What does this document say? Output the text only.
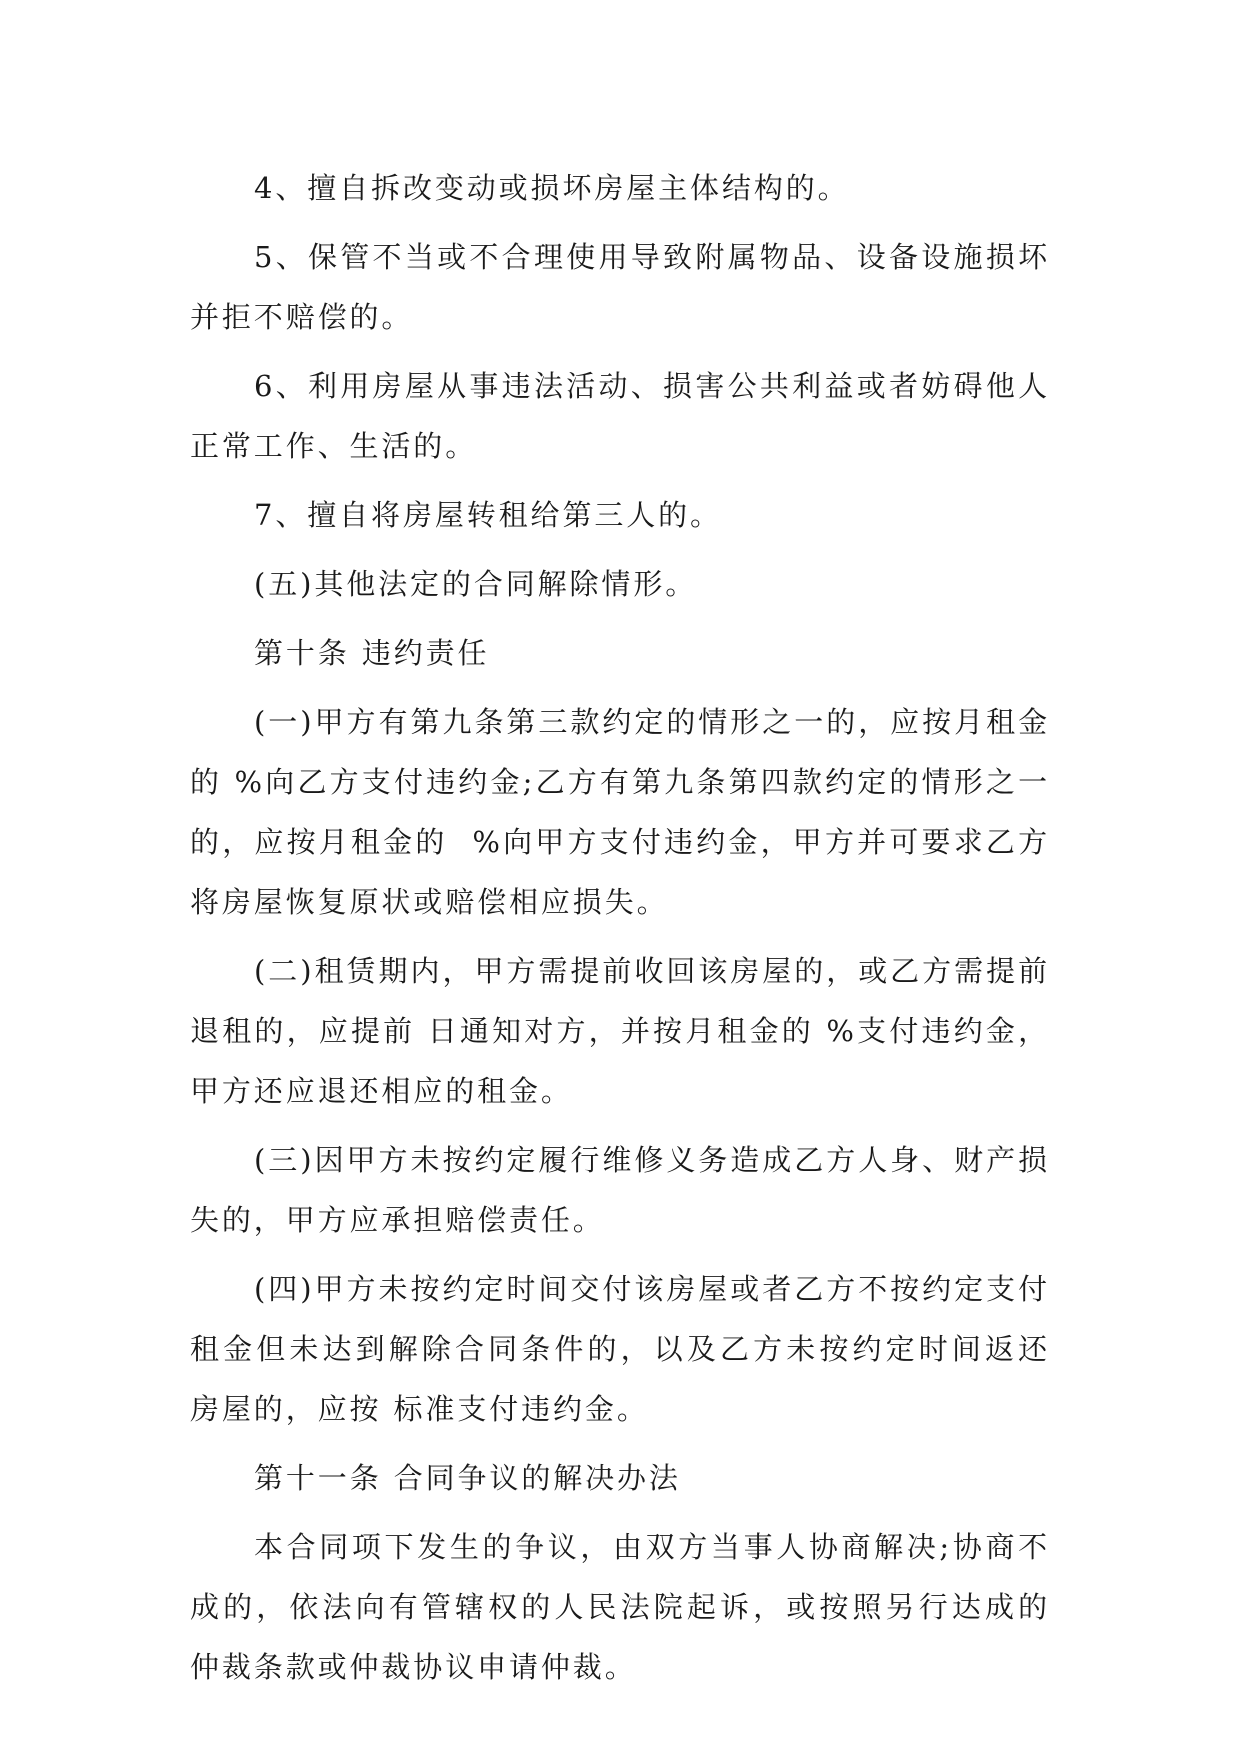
4、擅自拆改变动或损坏房屋主体结构的。

5、保管不当或不合理使用导致附属物品、设备设施损坏并拒不赔偿的。

6、利用房屋从事违法活动、损害公共利益或者妨碍他人正常工作、生活的。

7、擅自将房屋转租给第三人的。

(五)其他法定的合同解除情形。

第十条 违约责任

(一)甲方有第九条第三款约定的情形之一的，应按月租金的 %向乙方支付违约金;乙方有第九条第四款约定的情形之一的，应按月租金的  %向甲方支付违约金，甲方并可要求乙方将房屋恢复原状或赔偿相应损失。

(二)租赁期内，甲方需提前收回该房屋的，或乙方需提前退租的，应提前 日通知对方，并按月租金的 %支付违约金，甲方还应退还相应的租金。

(三)因甲方未按约定履行维修义务造成乙方人身、财产损失的，甲方应承担赔偿责任。

(四)甲方未按约定时间交付该房屋或者乙方不按约定支付租金但未达到解除合同条件的，以及乙方未按约定时间返还房屋的，应按 标准支付违约金。

第十一条 合同争议的解决办法

本合同项下发生的争议，由双方当事人协商解决;协商不成的，依法向有管辖权的人民法院起诉，或按照另行达成的仲裁条款或仲裁协议申请仲裁。
